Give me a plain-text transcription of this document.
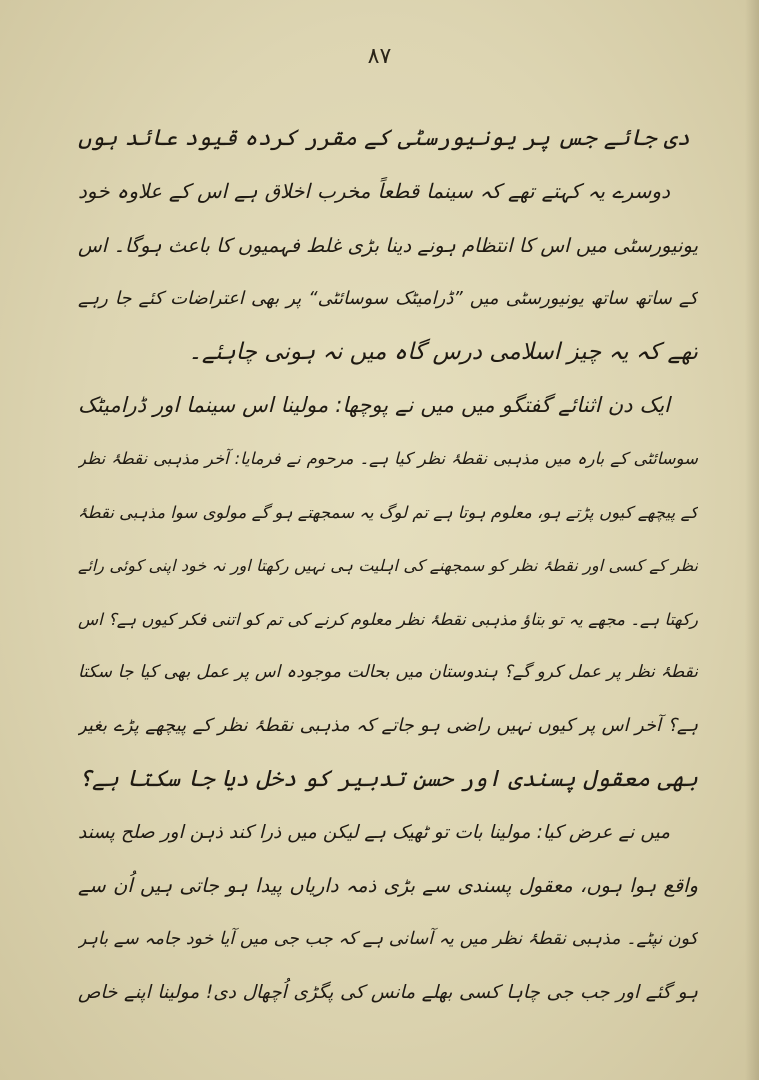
۸۷
دی جائے جس پر یونیورسٹی کے مقرر کردہ قیود عائد ہوں
دوسرے یہ کہتے تھے کہ سینما قطعاً مخرب اخلاق ہے اس کے علاوہ خود
یونیورسٹی میں اس کا انتظام ہونے دینا بڑی غلط فہمیوں کا باعث ہوگا۔ اس
کے ساتھ ساتھ یونیورسٹی میں ”ڈرامیٹک سوسائٹی“ پر بھی اعتراضات کئے جا رہے
تھے کہ یہ چیز اسلامی درس گاہ میں نہ ہونی چاہئے۔
ایک دن اثنائے گفتگو میں میں نے پوچھا: مولینا اس سینما اور ڈرامیٹک
سوسائٹی کے بارہ میں مذہبی نقطۂ نظر کیا ہے۔ مرحوم نے فرمایا: آخر مذہبی نقطۂ نظر
کے پیچھے کیوں پڑتے ہو، معلوم ہوتا ہے تم لوگ یہ سمجھتے ہو گے مولوی سوا مذہبی نقطۂ
نظر کے کسی اور نقطۂ نظر کو سمجھنے کی اہلیت ہی نہیں رکھتا اور نہ خود اپنی کوئی رائے
رکھتا ہے۔ مجھے یہ تو بتاؤ مذہبی نقطۂ نظر معلوم کرنے کی تم کو اتنی فکر کیوں ہے؟ اس
نقطۂ نظر پر عمل کرو گے؟ ہندوستان میں بحالت موجودہ اس پر عمل بھی کیا جا سکتا
ہے؟ آخر اس پر کیوں نہیں راضی ہو جاتے کہ مذہبی نقطۂ نظر کے پیچھے پڑے بغیر
بھی معقول پسندی اور حسن تدبیر کو دخل دیا جا سکتا ہے؟
میں نے عرض کیا: مولینا بات تو ٹھیک ہے لیکن میں ذرا کند ذہن اور صلح پسند
واقع ہوا ہوں، معقول پسندی سے بڑی ذمہ داریاں پیدا ہو جاتی ہیں اُن سے
کون نپٹے۔ مذہبی نقطۂ نظر میں یہ آسانی ہے کہ جب جی میں آیا خود جامہ سے باہر
ہو گئے اور جب جی چاہا کسی بھلے مانس کی پگڑی اُچھال دی! مولینا اپنے خاص
